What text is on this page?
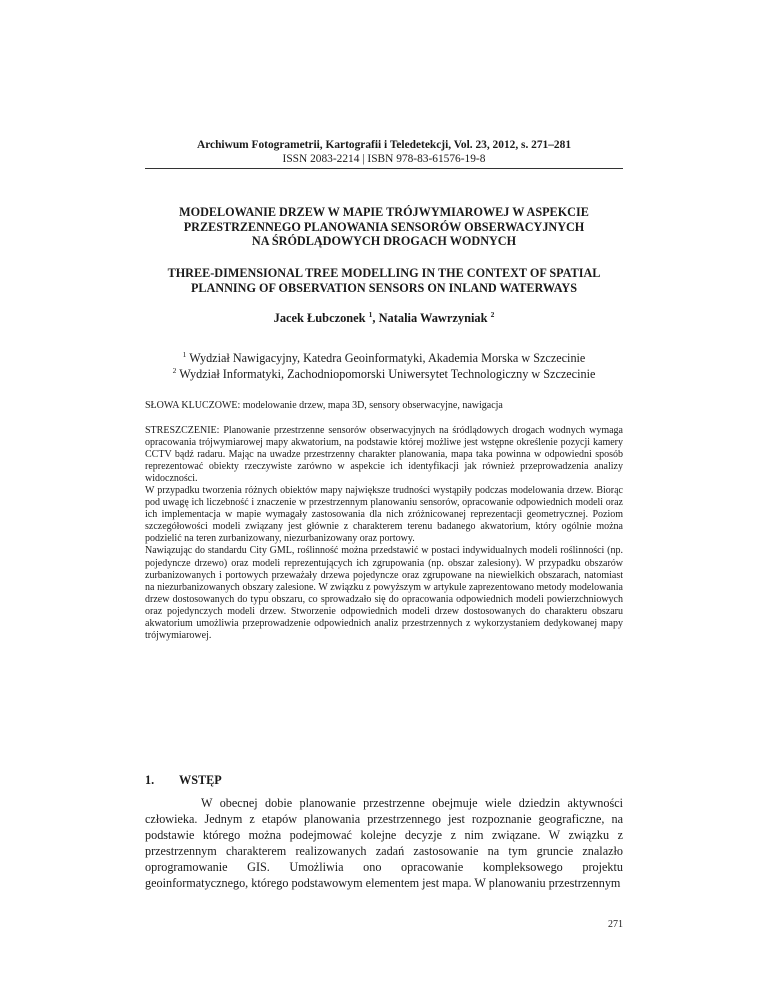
Archiwum Fotogrametrii, Kartografii i Teledetekcji, Vol. 23, 2012, s. 271–281
ISSN 2083-2214 | ISBN 978-83-61576-19-8
MODELOWANIE DRZEW W MAPIE TRÓJWYMIAROWEJ W ASPEKCIE
PRZESTRZENNEGO PLANOWANIA SENSORÓW OBSERWACYJNYCH
NA ŚRÓDLĄDOWYCH DROGACH WODNYCH
THREE-DIMENSIONAL TREE MODELLING IN THE CONTEXT OF SPATIAL
PLANNING OF OBSERVATION SENSORS ON INLAND WATERWAYS
Jacek Łubczonek $^1$, Natalia Wawrzyniak $^2$
$^1$ Wydział Nawigacyjny, Katedra Geoinformatyki, Akademia Morska w Szczecinie
$^2$ Wydział Informatyki, Zachodniopomorski Uniwersytet Technologiczny w Szczecinie
SŁOWA KLUCZOWE: modelowanie drzew, mapa 3D, sensory obserwacyjne, nawigacja

STRESZCZENIE: Planowanie przestrzenne sensorów obserwacyjnych na śródlądowych drogach wodnych wymaga opracowania trójwymiarowej mapy akwatorium, na podstawie której możliwe jest wstępne określenie pozycji kamery CCTV bądź radaru. Mając na uwadze przestrzenny charakter planowania, mapa taka powinna w odpowiedni sposób reprezentować obiekty rzeczywiste zarówno w aspekcie ich identyfikacji jak również przeprowadzenia analizy widoczności.

W przypadku tworzenia różnych obiektów mapy największe trudności wystąpiły podczas modelowania drzew. Biorąc pod uwagę ich liczebność i znaczenie w przestrzennym planowaniu sensorów, opracowanie odpowiednich modeli oraz ich implementacja w mapie wymagały zastosowania dla nich zróżnicowanej reprezentacji geometrycznej. Poziom szczegółowości modeli związany jest głównie z charakterem terenu badanego akwatorium, który ogólnie można podzielić na teren zurbanizowany, niezurbanizowany oraz portowy.

Nawiązując do standardu City GML, roślinność można przedstawić w postaci indywidualnych modeli roślinności (np. pojedyncze drzewo) oraz modeli reprezentujących ich zgrupowania (np. obszar zalesiony). W przypadku obszarów zurbanizowanych i portowych przeważały drzewa pojedyncze oraz zgrupowane na niewielkich obszarach, natomiast na niezurbanizowanych obszary zalesione. W związku z powyższym w artykule zaprezentowano metody modelowania drzew dostosowanych do typu obszaru, co sprowadzało się do opracowania odpowiednich modeli powierzchniowych oraz pojedynczych modeli drzew. Stworzenie odpowiednich modeli drzew dostosowanych do charakteru obszaru akwatorium umożliwia przeprowadzenie odpowiednich analiz przestrzennych z wykorzystaniem dedykowanej mapy trójwymiarowej.

1. WSTĘP
W obecnej dobie planowanie przestrzenne obejmuje wiele dziedzin aktywności człowieka. Jednym z etapów planowania przestrzennego jest rozpoznanie geograficzne, na podstawie którego można podejmować kolejne decyzje z nim związane. W związku z przestrzennym charakterem realizowanych zadań zastosowanie na tym gruncie znalazło oprogramowanie GIS. Umożliwia ono opracowanie kompleksowego projektu geoinformatycznego, którego podstawowym elementem jest mapa. W planowaniu przestrzennym
271
